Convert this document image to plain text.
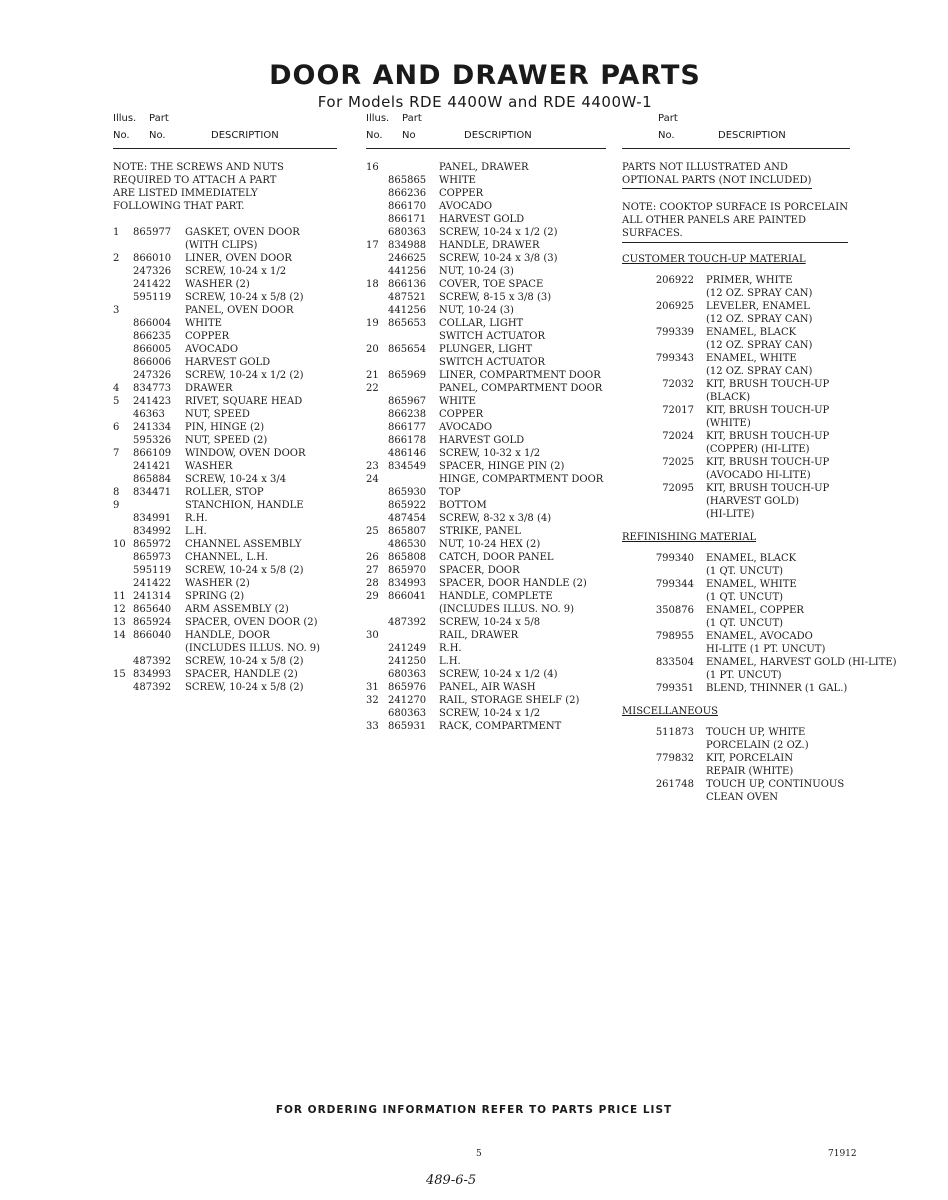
DOOR AND DRAWER PARTS
For Models RDE 4400W and RDE 4400W-1
Illus. Part
No. No.	DESCRIPTION
NOTE: THE SCREWS AND NUTS
REQUIRED TO ATTACH A PART
ARE LISTED IMMEDIATELY
FOLLOWING THAT PART.
1	865977	GASKET, OVEN DOOR
(WITH CLIPS)
2	866010	LINER, OVEN DOOR
247326	SCREW, 10-24 x 1/2
241422	WASHER (2)
595119	SCREW, 10-24 x 5/8 (2)
3	PANEL, OVEN DOOR
866004	WHITE
866235	COPPER
866005	AVOCADO
866006	HARVEST GOLD
247326	SCREW, 10-24 x 1/2 (2)
4	834773	DRAWER
5	241423	RIVET, SQUARE HEAD
46363	NUT, SPEED
6	241334	PIN, HINGE (2)
595326	NUT, SPEED (2)
7	866109	WINDOW, OVEN DOOR
241421	WASHER
865884	SCREW, 10-24 x 3/4
8	834471	ROLLER, STOP
9	STANCHION, HANDLE
834991	R.H.
834992	L.H.
10 865972	CHANNEL ASSEMBLY
865973	CHANNEL, L.H.
595119	SCREW, 10-24 x 5/8 (2)
241422	WASHER (2)
11 241314	SPRING (2)
12 865640	ARM ASSEMBLY (2)
13 865924	SPACER, OVEN DOOR (2)
14 866040	HANDLE, DOOR
(INCLUDES ILLUS. NO. 9)
487392	SCREW, 10-24 x 5/8 (2)
15 834993	SPACER, HANDLE (2)
487392	SCREW, 10-24 x 5/8 (2)
Illus. Part
No. No	DESCRIPTION
16	PANEL, DRAWER
865865	WHITE
866236	COPPER
866170	AVOCADO
866171	HARVEST GOLD
680363	SCREW, 10-24 x 1/2 (2)
17 834988	HANDLE, DRAWER
246625	SCREW, 10-24 x 3/8 (3)
441256	NUT, 10-24 (3)
18 866136	COVER, TOE SPACE
487521	SCREW, 8-15 x 3/8 (3)
441256	NUT, 10-24 (3)
19 865653	COLLAR, LIGHT
SWITCH ACTUATOR
20 865654	PLUNGER, LIGHT
SWITCH ACTUATOR
21 865969	LINER, COMPARTMENT DOOR
22	PANEL, COMPARTMENT DOOR
865967	WHITE
866238	COPPER
866177	AVOCADO
866178	HARVEST GOLD
486146	SCREW, 10-32 x 1/2
23 834549	SPACER, HINGE PIN (2)
24	HINGE, COMPARTMENT DOOR
865930	TOP
865922	BOTTOM
487454	SCREW, 8-32 x 3/8 (4)
25 865807	STRIKE, PANEL
486530	NUT, 10-24 HEX (2)
26 865808	CATCH, DOOR PANEL
27 865970	SPACER, DOOR
28 834993	SPACER, DOOR HANDLE (2)
29 866041	HANDLE, COMPLETE
(INCLUDES ILLUS. NO. 9)
487392	SCREW, 10-24 x 5/8
30	RAIL, DRAWER
241249	R.H.
241250	L.H.
680363	SCREW, 10-24 x 1/2 (4)
31 865976	PANEL, AIR WASH
32 241270	RAIL, STORAGE SHELF (2)
680363	SCREW, 10-24 x 1/2
33 865931	RACK, COMPARTMENT
Part
No.	DESCRIPTION
PARTS NOT ILLUSTRATED AND
OPTIONAL PARTS (NOT INCLUDED)
NOTE: COOKTOP SURFACE IS PORCELAIN
ALL OTHER PANELS ARE PAINTED
SURFACES.
CUSTOMER TOUCH-UP MATERIAL
206922	PRIMER, WHITE
(12 OZ. SPRAY CAN)
206925	LEVELER, ENAMEL
(12 OZ. SPRAY CAN)
799339	ENAMEL, BLACK
(12 OZ. SPRAY CAN)
799343	ENAMEL, WHITE
(12 OZ. SPRAY CAN)
72032	KIT, BRUSH TOUCH-UP
(BLACK)
72017	KIT, BRUSH TOUCH-UP
(WHITE)
72024	KIT, BRUSH TOUCH-UP
(COPPER) (HI-LITE)
72025	KIT, BRUSH TOUCH-UP
(AVOCADO HI-LITE)
72095	KIT, BRUSH TOUCH-UP
(HARVEST GOLD)
(HI-LITE)
REFINISHING MATERIAL
799340	ENAMEL, BLACK
(1 QT. UNCUT)
799344	ENAMEL, WHITE
(1 QT. UNCUT)
350876	ENAMEL, COPPER
(1 QT. UNCUT)
798955	ENAMEL, AVOCADO
HI-LITE (1 PT. UNCUT)
833504	ENAMEL, HARVEST GOLD (HI-LITE)
(1 PT. UNCUT)
799351	BLEND, THINNER (1 GAL.)
MISCELLANEOUS
511873	TOUCH UP, WHITE
PORCELAIN (2 OZ.)
779832	KIT, PORCELAIN
REPAIR (WHITE)
261748	TOUCH UP, CONTINUOUS
CLEAN OVEN
FOR ORDERING INFORMATION REFER TO PARTS PRICE LIST
5	71912
489-6-5
